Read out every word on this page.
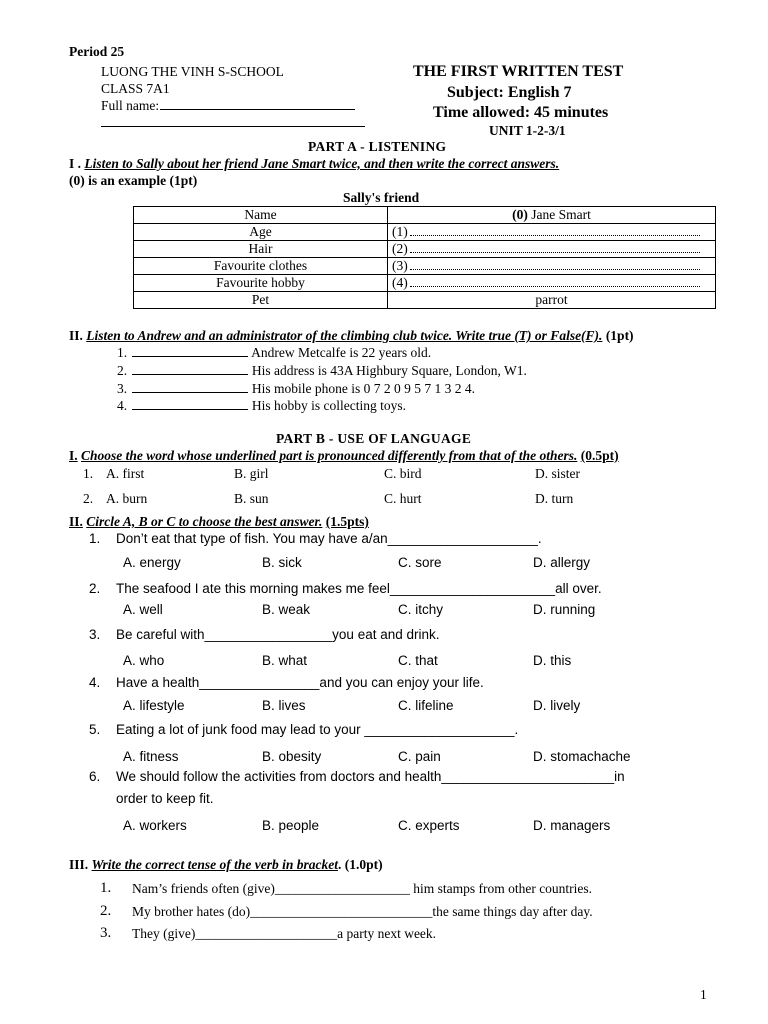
Period 25
LUONG THE VINH S-SCHOOL
CLASS 7A1
Full name:
THE FIRST WRITTEN TEST
Subject: English 7
Time allowed: 45 minutes
UNIT 1-2-3/1
PART A - LISTENING
I . Listen to Sally about her friend Jane Smart twice, and then write the correct answers.
(0) is an example (1pt)
Sally's friend
Name	(0) Jane Smart
Age	(1)
Hair	(2)
Favourite clothes	(3)
Favourite hobby	(4)
Pet	parrot
II. Listen to Andrew and an administrator of the climbing club twice. Write true (T) or False(F). (1pt)
1.	Andrew Metcalfe is 22 years old.
2.	His address is 43A Highbury Square, London, W1.
3.	His mobile phone is 0 7 2 0 9 5 7 1 3 2 4.
4.	His hobby is collecting toys.
PART B - USE OF LANGUAGE
I. Choose the word whose underlined part is pronounced differently from that of the others. (0.5pt)
1. A. first	B. girl	C. bird	D. sister
2. A. burn	B. sun	C. hurt	D. turn
II. Circle A, B or C to choose the best answer. (1.5pts)
1. Don’t eat that type of fish. You may have a/an____________________.
A. energy	B. sick	C. sore	D. allergy
2. The seafood I ate this morning makes me feel______________________all over.
A. well	B. weak	C. itchy	D. running
3. Be careful with_________________you eat and drink.
A. who	B. what	C. that	D. this
4. Have a health________________and you can enjoy your life.
A. lifestyle	B. lives	C. lifeline	D. lively
5. Eating a lot of junk food may lead to your ____________________.
A. fitness	B. obesity	C. pain	D. stomachache
6. We should follow the activities from doctors and health_______________________in
order to keep fit.
A. workers	B. people	C. experts	D. managers
III. Write the correct tense of the verb in bracket. (1.0pt)
1. Nam’s friends often (give)____________________ him stamps from other countries.
2. My brother hates (do)___________________________the same things day after day.
3. They (give)_____________________a party next week.
1
